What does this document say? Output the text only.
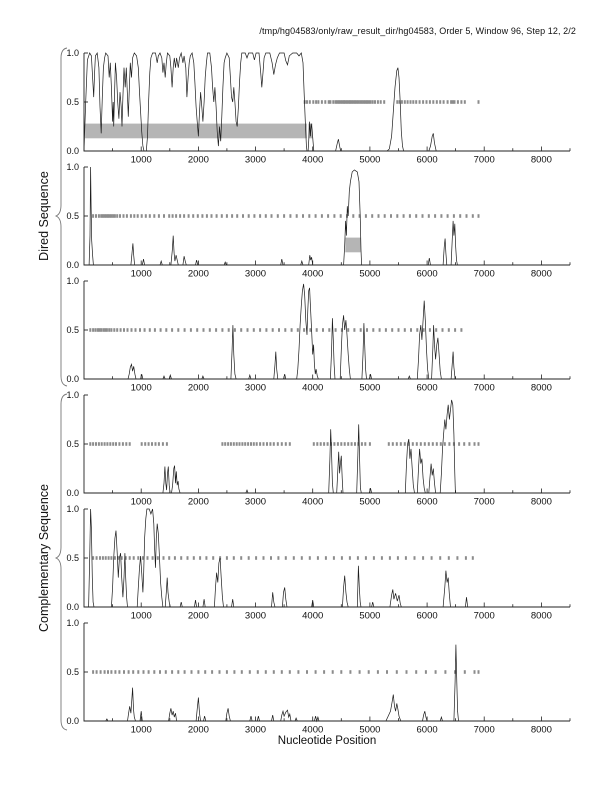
/tmp/hg04583/only/raw_result_dir/hg04583, Order 5, Window 96, Step 12, 2/2
1.0
0.5
0.0
1000	2000	3000	4000	5000	6000	7000	8000
1.0
0.5
0.0
1000	2000	3000	4000	5000	6000	7000	8000
1.0
0.5
0.0
1000	2000	3000	4000	5000	6000	7000	8000
1.0
0.5
0.0
1000	2000	3000	4000	5000	6000	7000	8000
1.0
0.5
0.0
1000	2000	3000	4000	5000	6000	7000	8000
1.0
0.5
0.0
1000	2000	3000	4000	5000	6000	7000	8000
Dired Sequence
Complementary Sequence
Nucleotide Position
